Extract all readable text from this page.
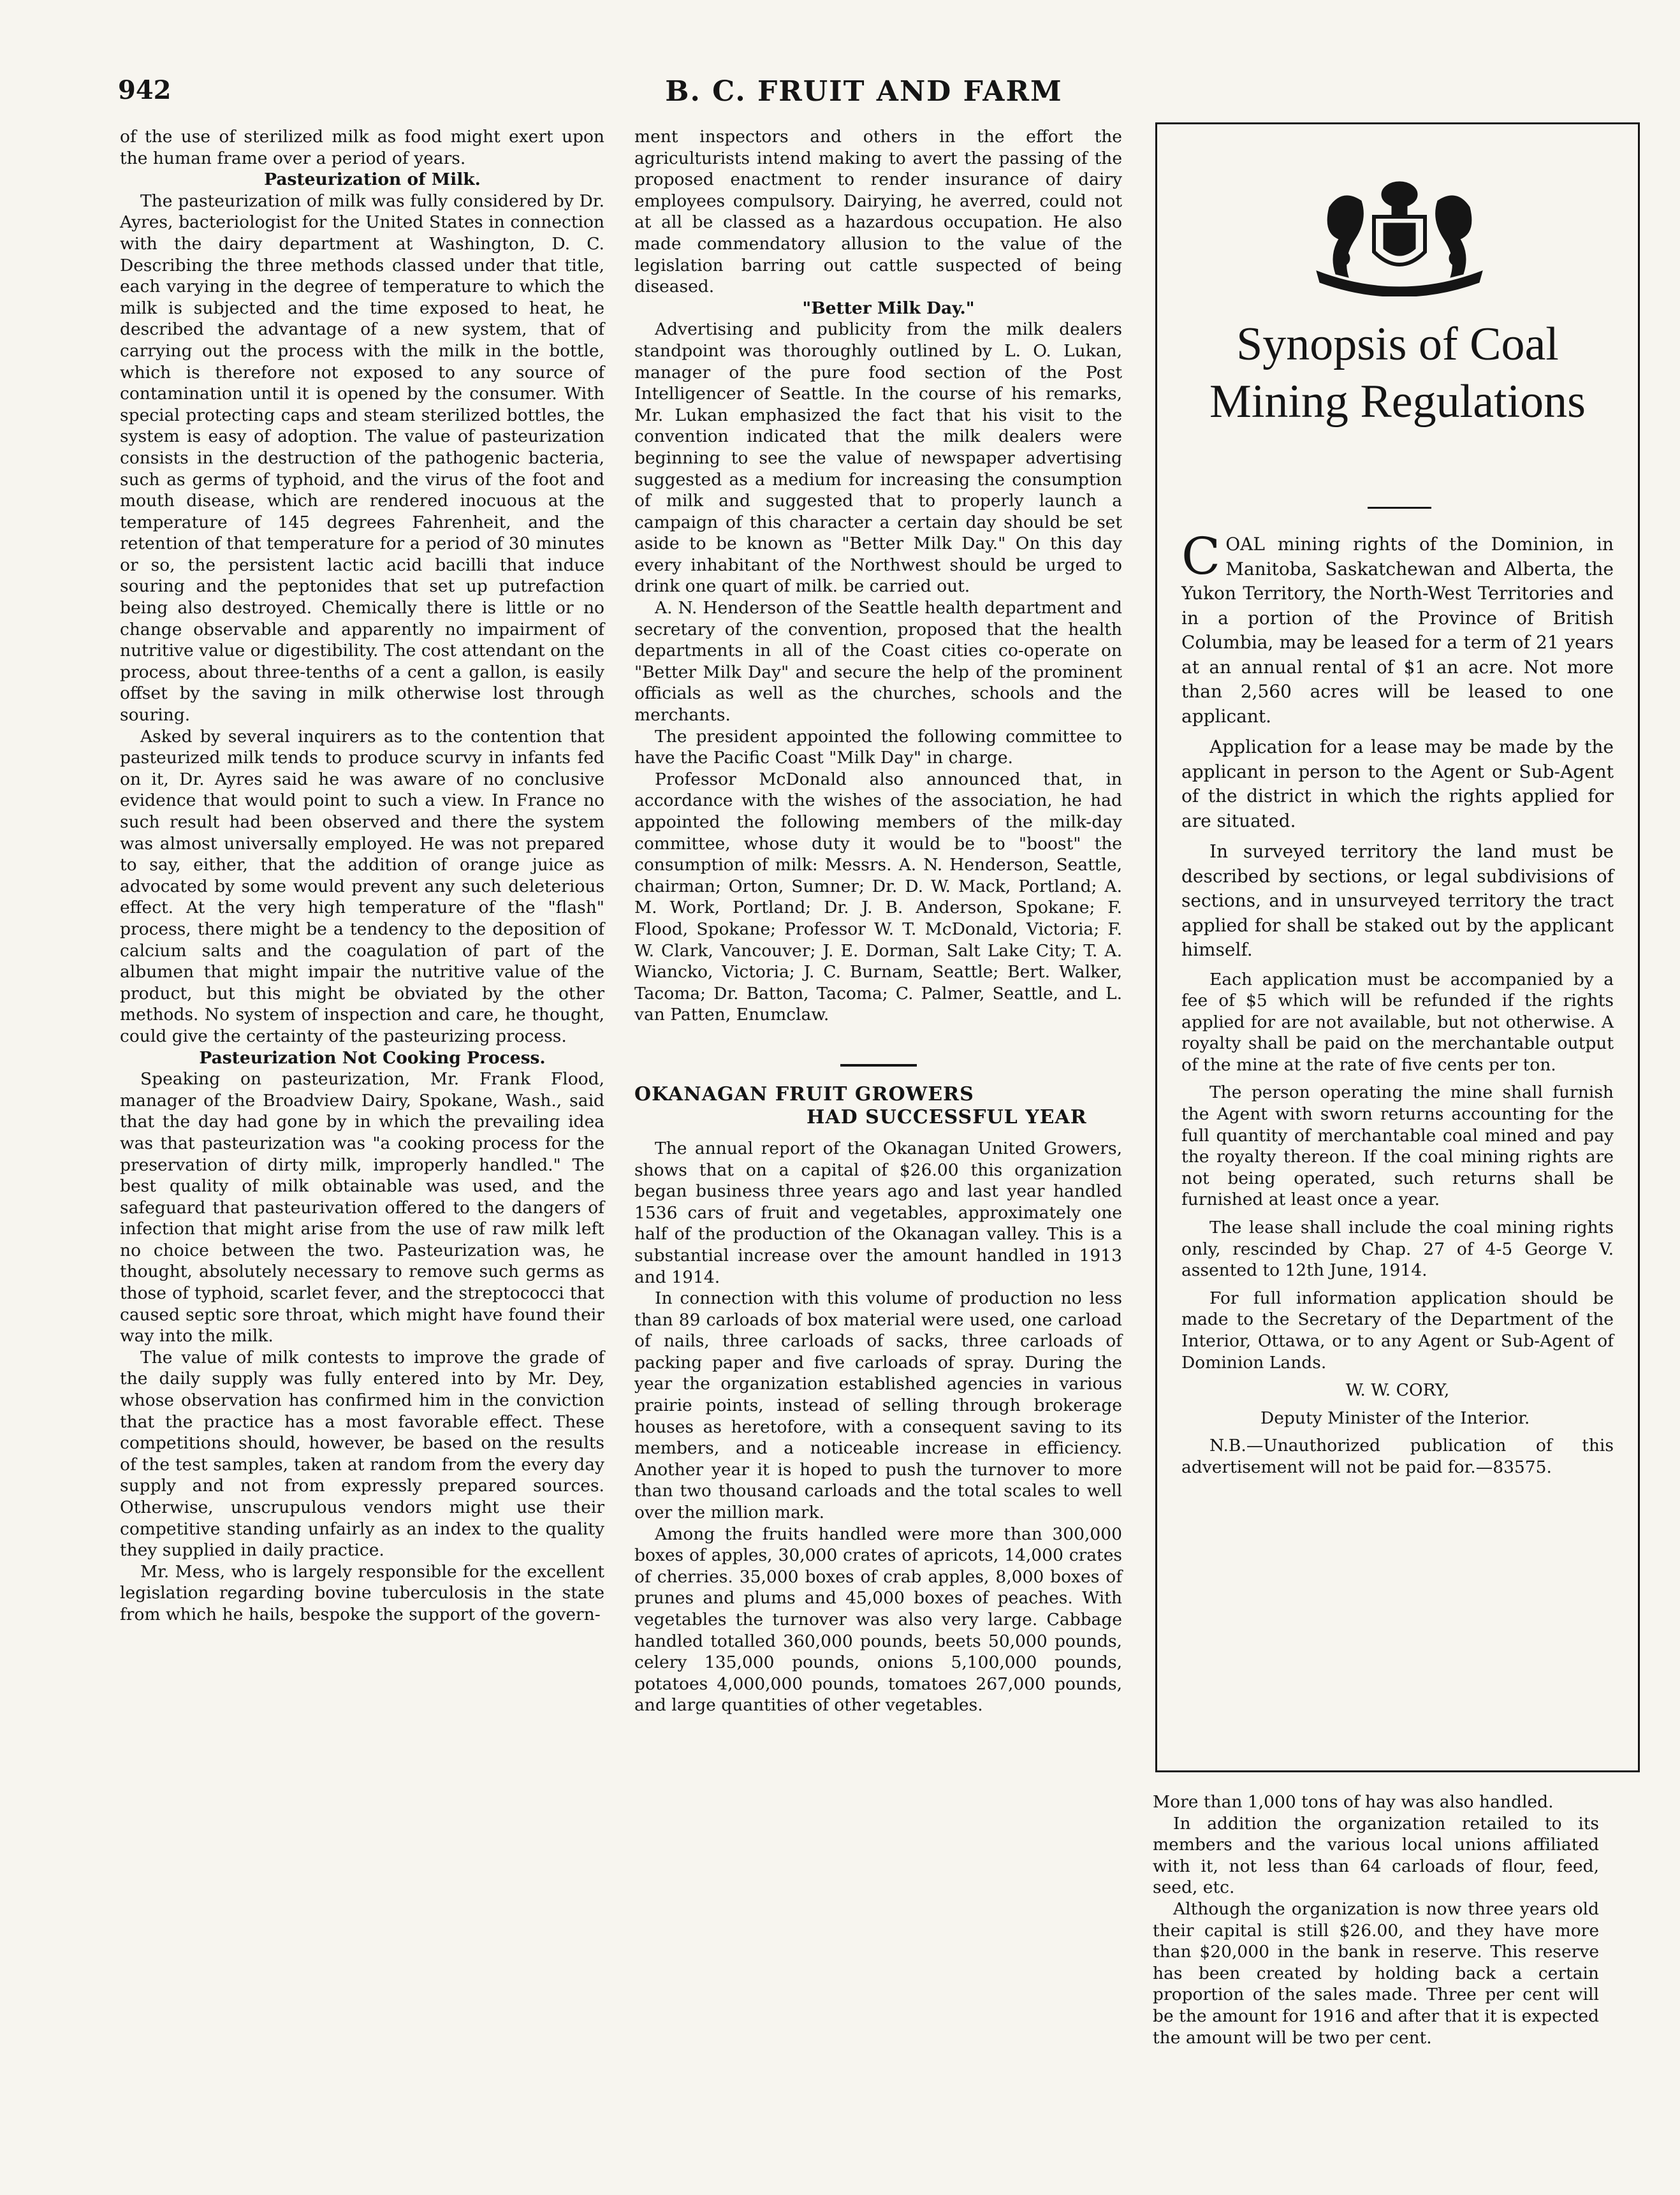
942	B. C. FRUIT AND FARM

of the use of sterilized milk as food might exert upon the human frame over a period of years.

Pasteurization of Milk.

The pasteurization of milk was fully considered by Dr. Ayres, bacteriologist for the United States in connection with the dairy department at Washington, D. C. Describing the three methods classed under that title, each varying in the degree of temperature to which the milk is subjected and the time exposed to heat, he described the advantage of a new system, that of carrying out the process with the milk in the bottle, which is therefore not exposed to any source of contamination until it is opened by the consumer. With special protecting caps and steam sterilized bottles, the system is easy of adoption. The value of pasteurization consists in the destruction of the pathogenic bacteria, such as germs of typhoid, and the virus of the foot and mouth disease, which are rendered inocuous at the temperature of 145 degrees Fahrenheit, and the retention of that temperature for a period of 30 minutes or so, the persistent lactic acid bacilli that induce souring and the peptonides that set up putrefaction being also destroyed. Chemically there is little or no change observable and apparently no impairment of nutritive value or digestibility. The cost attendant on the process, about three-tenths of a cent a gallon, is easily offset by the saving in milk otherwise lost through souring.

Asked by several inquirers as to the contention that pasteurized milk tends to produce scurvy in infants fed on it, Dr. Ayres said he was aware of no conclusive evidence that would point to such a view. In France no such result had been observed and there the system was almost universally employed. He was not prepared to say, either, that the addition of orange juice as advocated by some would prevent any such deleterious effect. At the very high temperature of the "flash" process, there might be a tendency to the deposition of calcium salts and the coagulation of part of the albumen that might impair the nutritive value of the product, but this might be obviated by the other methods. No system of inspection and care, he thought, could give the certainty of the pasteurizing process.

Pasteurization Not Cooking Process.

Speaking on pasteurization, Mr. Frank Flood, manager of the Broadview Dairy, Spokane, Wash., said that the day had gone by in which the prevailing idea was that pasteurization was "a cooking process for the preservation of dirty milk, improperly handled." The best quality of milk obtainable was used, and the safeguard that pasteurivation offered to the dangers of infection that might arise from the use of raw milk left no choice between the two. Pasteurization was, he thought, absolutely necessary to remove such germs as those of typhoid, scarlet fever, and the streptococci that caused septic sore throat, which might have found their way into the milk.

The value of milk contests to improve the grade of the daily supply was fully entered into by Mr. Dey, whose observation has confirmed him in the conviction that the practice has a most favorable effect. These competitions should, however, be based on the results of the test samples, taken at random from the every day supply and not from expressly prepared sources. Otherwise, unscrupulous vendors might use their competitive standing unfairly as an index to the quality they supplied in daily practice.

Mr. Mess, who is largely responsible for the excellent legislation regarding bovine tuberculosis in the state from which he hails, bespoke the support of the govern-

ment inspectors and others in the effort the agriculturists intend making to avert the passing of the proposed enactment to render insurance of dairy employees compulsory. Dairying, he averred, could not at all be classed as a hazardous occupation. He also made commendatory allusion to the value of the legislation barring out cattle suspected of being diseased.

"Better Milk Day."

Advertising and publicity from the milk dealers standpoint was thoroughly outlined by L. O. Lukan, manager of the pure food section of the Post Intelligencer of Seattle. In the course of his remarks, Mr. Lukan emphasized the fact that his visit to the convention indicated that the milk dealers were beginning to see the value of newspaper advertising suggested as a medium for increasing the consumption of milk and suggested that to properly launch a campaign of this character a certain day should be set aside to be known as "Better Milk Day." On this day every inhabitant of the Northwest should be urged to drink one quart of milk. be carried out.

A. N. Henderson of the Seattle health department and secretary of the convention, proposed that the health departments in all of the Coast cities co-operate on "Better Milk Day" and secure the help of the prominent officials as well as the churches, schools and the merchants.

The president appointed the following committee to have the Pacific Coast "Milk Day" in charge.

Professor McDonald also announced that, in accordance with the wishes of the association, he had appointed the following members of the milk-day committee, whose duty it would be to "boost" the consumption of milk: Messrs. A. N. Henderson, Seattle, chairman; Orton, Sumner; Dr. D. W. Mack, Portland; A. M. Work, Portland; Dr. J. B. Anderson, Spokane; F. Flood, Spokane; Professor W. T. McDonald, Victoria; F. W. Clark, Vancouver; J. E. Dorman, Salt Lake City; T. A. Wiancko, Victoria; J. C. Burnam, Seattle; Bert. Walker, Tacoma; Dr. Batton, Tacoma; C. Palmer, Seattle, and L. van Patten, Enumclaw.

OKANAGAN FRUIT GROWERS
HAD SUCCESSFUL YEAR

The annual report of the Okanagan United Growers, shows that on a capital of $26.00 this organization began business three years ago and last year handled 1536 cars of fruit and vegetables, approximately one half of the production of the Okanagan valley. This is a substantial increase over the amount handled in 1913 and 1914.

In connection with this volume of production no less than 89 carloads of box material were used, one carload of nails, three carloads of sacks, three carloads of packing paper and five carloads of spray. During the year the organization established agencies in various prairie points, instead of selling through brokerage houses as heretofore, with a consequent saving to its members, and a noticeable increase in efficiency. Another year it is hoped to push the turnover to more than two thousand carloads and the total scales to well over the million mark.

Among the fruits handled were more than 300,000 boxes of apples, 30,000 crates of apricots, 14,000 crates of cherries. 35,000 boxes of crab apples, 8,000 boxes of prunes and plums and 45,000 boxes of peaches. With vegetables the turnover was also very large. Cabbage handled totalled 360,000 pounds, beets 50,000 pounds, celery 135,000 pounds, onions 5,100,000 pounds, potatoes 4,000,000 pounds, tomatoes 267,000 pounds, and large quantities of other vegetables.

Synopsis of Coal Mining Regulations

COAL mining rights of the Dominion, in Manitoba, Saskatchewan and Alberta, the Yukon Territory, the North-West Territories and in a portion of the Province of British Columbia, may be leased for a term of 21 years at an annual rental of $1 an acre. Not more than 2,560 acres will be leased to one applicant.

Application for a lease may be made by the applicant in person to the Agent or Sub-Agent of the district in which the rights applied for are situated.

In surveyed territory the land must be described by sections, or legal subdivisions of sections, and in unsurveyed territory the tract applied for shall be staked out by the applicant himself.

Each application must be accompanied by a fee of $5 which will be refunded if the rights applied for are not available, but not otherwise. A royalty shall be paid on the merchantable output of the mine at the rate of five cents per ton.

The person operating the mine shall furnish the Agent with sworn returns accounting for the full quantity of merchantable coal mined and pay the royalty thereon. If the coal mining rights are not being operated, such returns shall be furnished at least once a year.

The lease shall include the coal mining rights only, rescinded by Chap. 27 of 4-5 George V. assented to 12th June, 1914.

For full information application should be made to the Secretary of the Department of the Interior, Ottawa, or to any Agent or Sub-Agent of Dominion Lands.

W. W. CORY,

Deputy Minister of the Interior.

N.B.—Unauthorized publication of this advertisement will not be paid for.—83575.

More than 1,000 tons of hay was also handled.

In addition the organization retailed to its members and the various local unions affiliated with it, not less than 64 carloads of flour, feed, seed, etc.

Although the organization is now three years old their capital is still $26.00, and they have more than $20,000 in the bank in reserve. This reserve has been created by holding back a certain proportion of the sales made. Three per cent will be the amount for 1916 and after that it is expected the amount will be two per cent.
